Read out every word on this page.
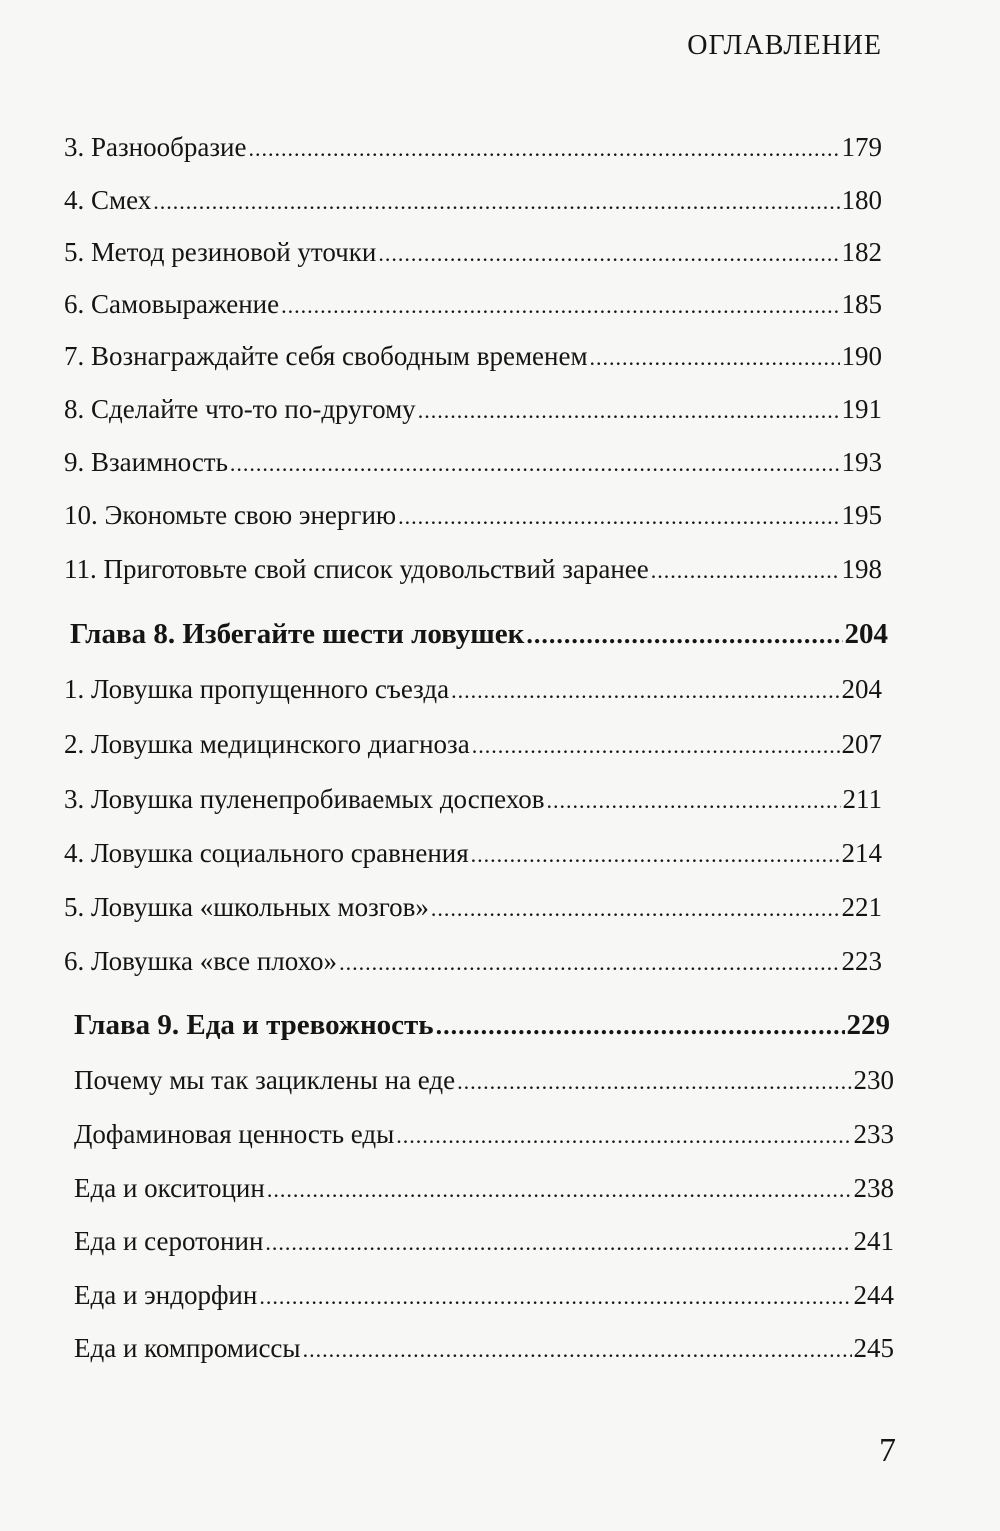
ОГЛАВЛЕНИЕ
3. Разнообразие .....	179
4. Смех .....	180
5. Метод резиновой уточки .....	182
6. Самовыражение .....	185
7. Вознаграждайте себя свободным временем .....	190
8. Сделайте что-то по-другому .....	191
9. Взаимность .....	193
10. Экономьте свою энергию .....	195
11. Приготовьте свой список удовольствий заранее .....	198
Глава 8. Избегайте шести ловушек .....	204
1. Ловушка пропущенного съезда .....	204
2. Ловушка медицинского диагноза .....	207
3. Ловушка пуленепробиваемых доспехов .....	211
4. Ловушка социального сравнения .....	214
5. Ловушка «школьных мозгов» .....	221
6. Ловушка «все плохо» .....	223
Глава 9. Еда и тревожность .....	229
Почему мы так зациклены на еде .....	230
Дофаминовая ценность еды .....	233
Еда и окситоцин .....	238
Еда и серотонин .....	241
Еда и эндорфин .....	244
Еда и компромиссы .....	245
7
